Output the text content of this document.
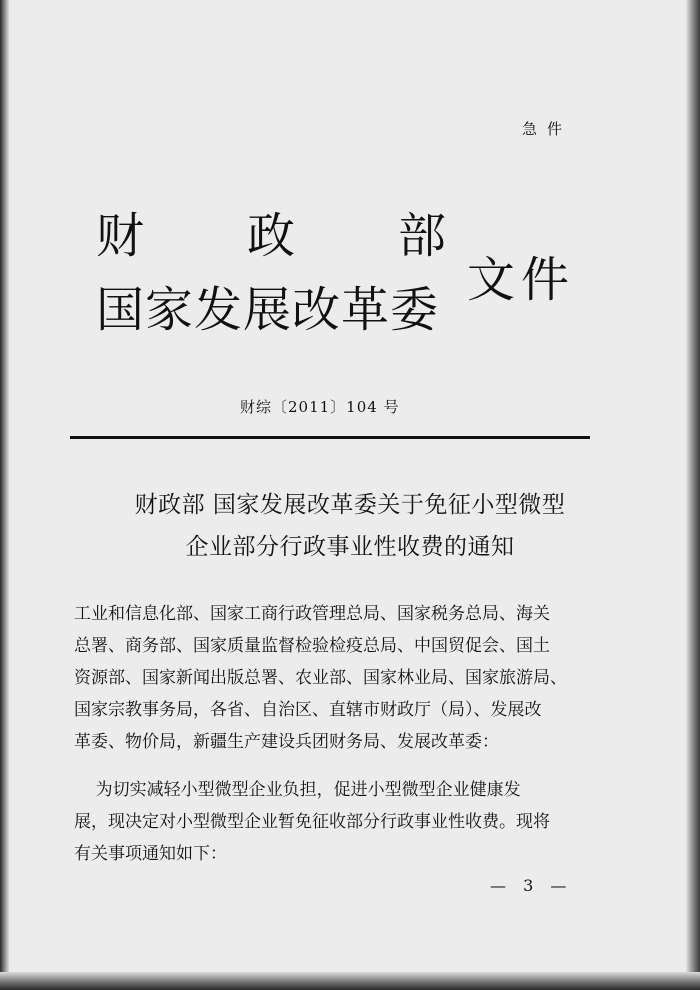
急件
财 政 部
国家发展改革委
文件
财综〔2011〕104 号
财政部 国家发展改革委关于免征小型微型
企业部分行政事业性收费的通知
工业和信息化部、国家工商行政管理总局、国家税务总局、海关
总署、商务部、国家质量监督检验检疫总局、中国贸促会、国土
资源部、国家新闻出版总署、农业部、国家林业局、国家旅游局、
国家宗教事务局，各省、自治区、直辖市财政厅（局）、发展改
革委、物价局，新疆生产建设兵团财务局、发展改革委：
为切实减轻小型微型企业负担，促进小型微型企业健康发
展，现决定对小型微型企业暂免征收部分行政事业性收费。现将
有关事项通知如下：
— 3 —
